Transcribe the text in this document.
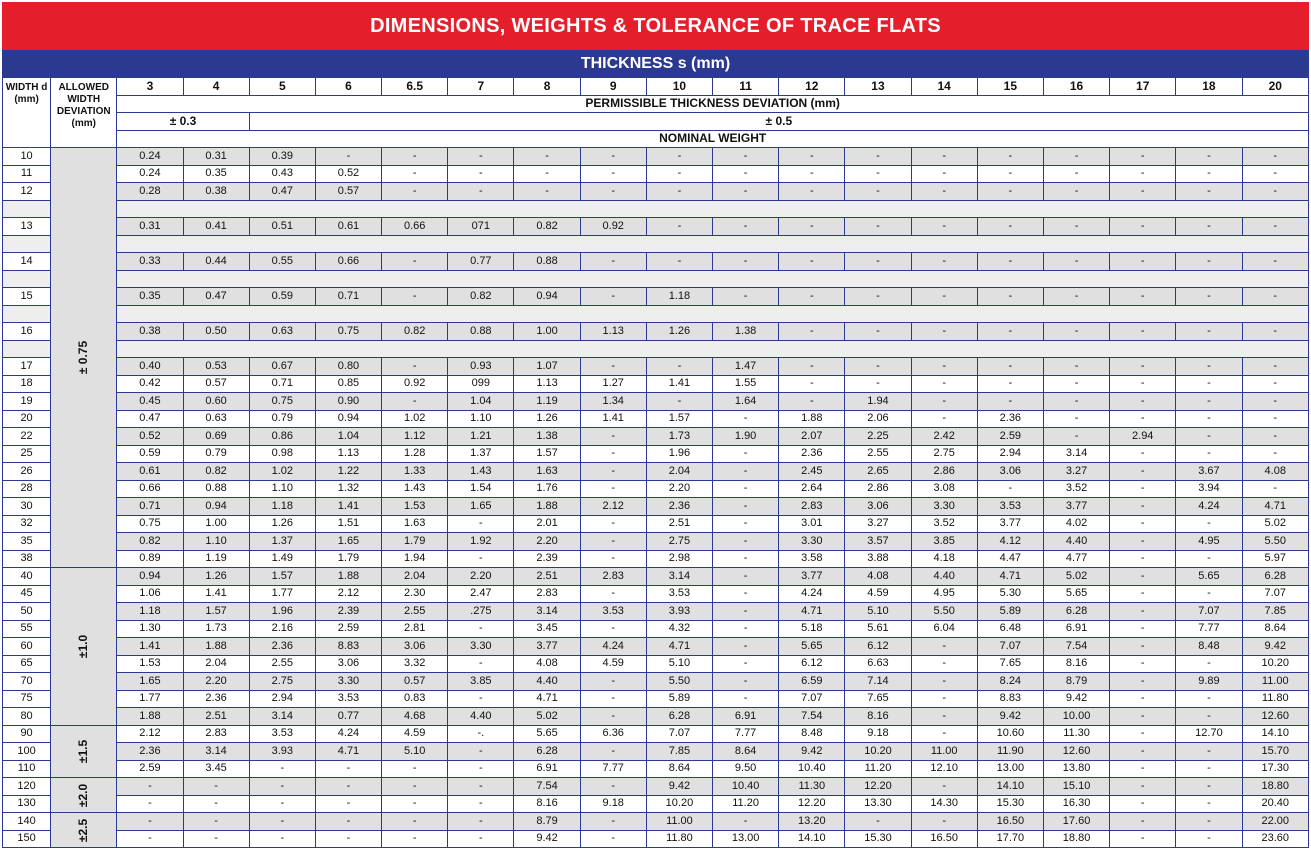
DIMENSIONS, WEIGHTS & TOLERANCE OF TRACE FLATS
THICKNESS s (mm)
WIDTH d (mm)	ALLOWED WIDTH DEVIATION (mm)	3	4	5	6	6.5	7	8	9	10	11	12	13	14	15	16	17	18	20
		PERMISSIBLE THICKNESS DEVIATION (mm)																	
		± 0.3		± 0.5															
		NOMINAL WEIGHT																	
10	± 0.75	0.24	0.31	0.39	-	-	-	-	-	-	-	-	-	-	-	-	-	-	-
11		0.24	0.35	0.43	0.52	-	-	-	-	-	-	-	-	-	-	-	-	-	-
12		0.28	0.38	0.47	0.57	-	-	-	-	-	-	-	-	-	-	-	-	-	-

13		0.31	0.41	0.51	0.61	0.66	071	0.82	0.92	-	-	-	-	-	-	-	-	-	-

14		0.33	0.44	0.55	0.66	-	0.77	0.88	-	-	-	-	-	-	-	-	-	-	-

15		0.35	0.47	0.59	0.71	-	0.82	0.94	-	1.18	-	-	-	-	-	-	-	-	-

16		0.38	0.50	0.63	0.75	0.82	0.88	1.00	1.13	1.26	1.38	-	-	-	-	-	-	-	-

17		0.40	0.53	0.67	0.80	-	0.93	1.07	-	-	1.47	-	-	-	-	-	-	-	-
18		0.42	0.57	0.71	0.85	0.92	099	1.13	1.27	1.41	1.55	-	-	-	-	-	-	-	-
19		0.45	0.60	0.75	0.90	-	1.04	1.19	1.34	-	1.64	-	1.94	-	-	-	-	-	-
20		0.47	0.63	0.79	0.94	1.02	1.10	1.26	1.41	1.57	-	1.88	2.06	-	2.36	-	-	-	-
22		0.52	0.69	0.86	1.04	1.12	1.21	1.38	-	1.73	1.90	2.07	2.25	2.42	2.59	-	2.94	-	-
25		0.59	0.79	0.98	1.13	1.28	1.37	1.57	-	1.96	-	2.36	2.55	2.75	2.94	3.14	-	-	-
26		0.61	0.82	1.02	1.22	1.33	1.43	1.63	-	2.04	-	2.45	2.65	2.86	3.06	3.27	-	3.67	4.08
28		0.66	0.88	1.10	1.32	1.43	1.54	1.76	-	2.20	-	2.64	2.86	3.08	-	3.52	-	3.94	-
30		0.71	0.94	1.18	1.41	1.53	1.65	1.88	2.12	2.36	-	2.83	3.06	3.30	3.53	3.77	-	4.24	4.71
32		0.75	1.00	1.26	1.51	1.63	-	2.01	-	2.51	-	3.01	3.27	3.52	3.77	4.02	-	-	5.02
35		0.82	1.10	1.37	1.65	1.79	1.92	2.20	-	2.75	-	3.30	3.57	3.85	4.12	4.40	-	4.95	5.50
38		0.89	1.19	1.49	1.79	1.94	-	2.39	-	2.98	-	3.58	3.88	4.18	4.47	4.77	-	-	5.97
40	±1.0	0.94	1.26	1.57	1.88	2.04	2.20	2.51	2.83	3.14	-	3.77	4.08	4.40	4.71	5.02	-	5.65	6.28
45		1.06	1.41	1.77	2.12	2.30	2.47	2.83	-	3.53	-	4.24	4.59	4.95	5.30	5.65	-	-	7.07
50		1.18	1.57	1.96	2.39	2.55	.275	3.14	3.53	3.93	-	4.71	5.10	5.50	5.89	6.28	-	7.07	7.85
55		1.30	1.73	2.16	2.59	2.81	-	3.45	-	4.32	-	5.18	5.61	6.04	6.48	6.91	-	7.77	8.64
60		1.41	1.88	2.36	8.83	3.06	3.30	3.77	4.24	4.71	-	5.65	6.12	-	7.07	7.54	-	8.48	9.42
65		1.53	2.04	2.55	3.06	3.32	-	4.08	4.59	5.10	-	6.12	6.63	-	7.65	8.16	-	-	10.20
70		1.65	2.20	2.75	3.30	0.57	3.85	4.40	-	5.50	-	6.59	7.14	-	8.24	8.79	-	9.89	11.00
75		1.77	2.36	2.94	3.53	0.83	-	4.71	-	5.89	-	7.07	7.65	-	8.83	9.42	-	-	11.80
80		1.88	2.51	3.14	0.77	4.68	4.40	5.02	-	6.28	6.91	7.54	8.16	-	9.42	10.00	-	-	12.60
90	±1.5	2.12	2.83	3.53	4.24	4.59	-.	5.65	6.36	7.07	7.77	8.48	9.18	-	10.60	11.30	-	12.70	14.10
100		2.36	3.14	3.93	4.71	5.10	-	6.28	-	7.85	8.64	9.42	10.20	11.00	11.90	12.60	-	-	15.70
110		2.59	3.45	-	-	-	-	6.91	7.77	8.64	9.50	10.40	11.20	12.10	13.00	13.80	-	-	17.30
120	±2.0	-	-	-	-	-	-	7.54	-	9.42	10.40	11.30	12.20	-	14.10	15.10	-	-	18.80
130		-	-	-	-	-	-	8.16	9.18	10.20	11.20	12.20	13.30	14.30	15.30	16.30	-	-	20.40
140	±2.5	-	-	-	-	-	-	8.79	-	11.00	-	13.20	-	-	16.50	17.60	-	-	22.00
150		-	-	-	-	-	-	9.42	-	11.80	13.00	14.10	15.30	16.50	17.70	18.80	-	-	23.60
